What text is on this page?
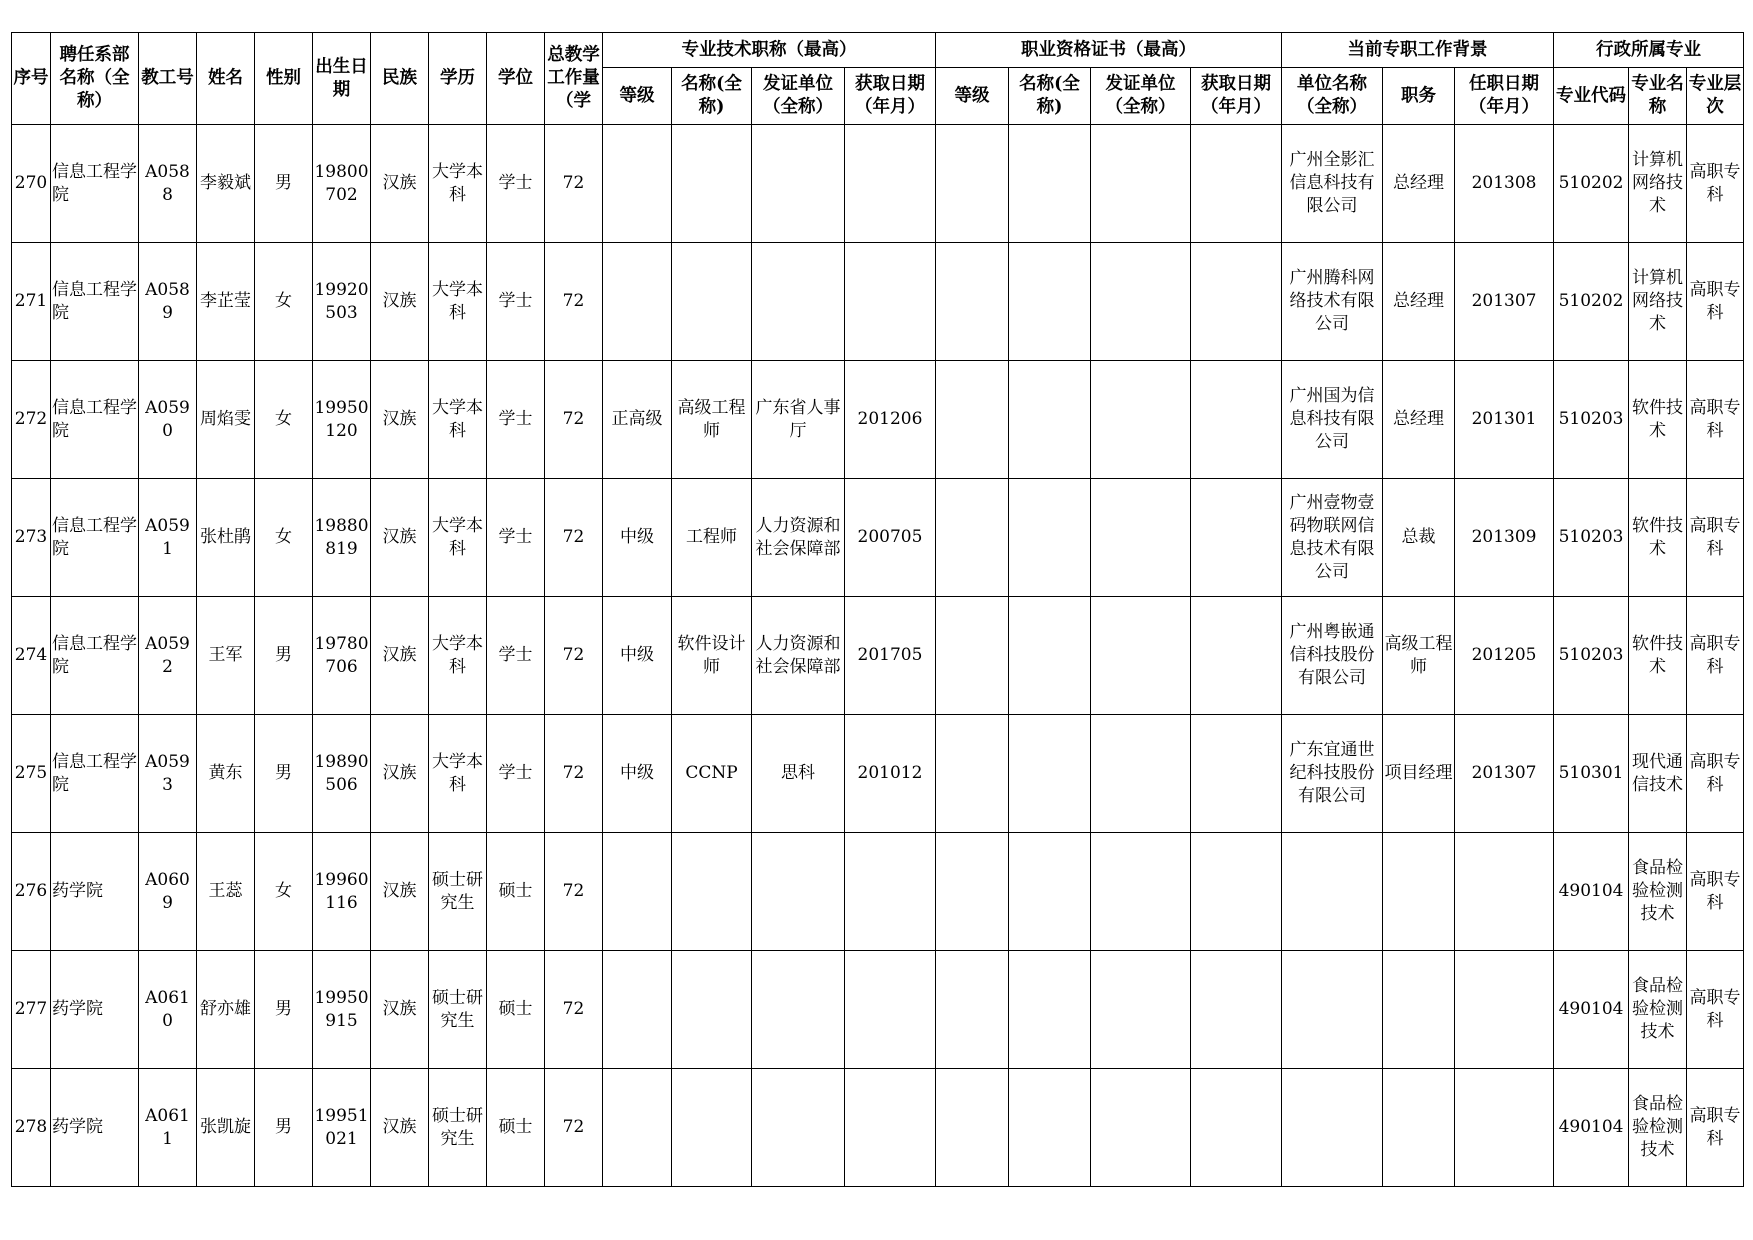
序号	聘任系部名称（全称）	教工号	姓名	性别	出生日期	民族	学历	学位	总教学工作量（学	专业技术职称（最高）				职业资格证书（最高）				当前专职工作背景			行政所属专业		
										等级	名称(全称)	发证单位（全称）	获取日期（年月）	等级	名称(全称)	发证单位（全称）	获取日期（年月）	单位名称（全称）	职务	任职日期（年月）	专业代码	专业名称	专业层次
270	信息工程学院	A0588	李毅斌	男	19800702	汉族	大学本科	学士	72									广州全影汇信息科技有限公司	总经理	201308	510202	计算机网络技术	高职专科
271	信息工程学院	A0589	李芷莹	女	19920503	汉族	大学本科	学士	72									广州腾科网络技术有限公司	总经理	201307	510202	计算机网络技术	高职专科
272	信息工程学院	A0590	周焰雯	女	19950120	汉族	大学本科	学士	72	正高级	高级工程师	广东省人事厅	201206					广州国为信息科技有限公司	总经理	201301	510203	软件技术	高职专科
273	信息工程学院	A0591	张杜鹃	女	19880819	汉族	大学本科	学士	72	中级	工程师	人力资源和社会保障部	200705					广州壹物壹码物联网信息技术有限公司	总裁	201309	510203	软件技术	高职专科
274	信息工程学院	A0592	王军	男	19780706	汉族	大学本科	学士	72	中级	软件设计师	人力资源和社会保障部	201705					广州粤嵌通信科技股份有限公司	高级工程师	201205	510203	软件技术	高职专科
275	信息工程学院	A0593	黄东	男	19890506	汉族	大学本科	学士	72	中级	CCNP	思科	201012					广东宜通世纪科技股份有限公司	项目经理	201307	510301	现代通信技术	高职专科
276	药学院	A0609	王蕊	女	19960116	汉族	硕士研究生	硕士	72												490104	食品检验检测技术	高职专科
277	药学院	A0610	舒亦雄	男	19950915	汉族	硕士研究生	硕士	72												490104	食品检验检测技术	高职专科
278	药学院	A0611	张凯旋	男	19951021	汉族	硕士研究生	硕士	72												490104	食品检验检测技术	高职专科
